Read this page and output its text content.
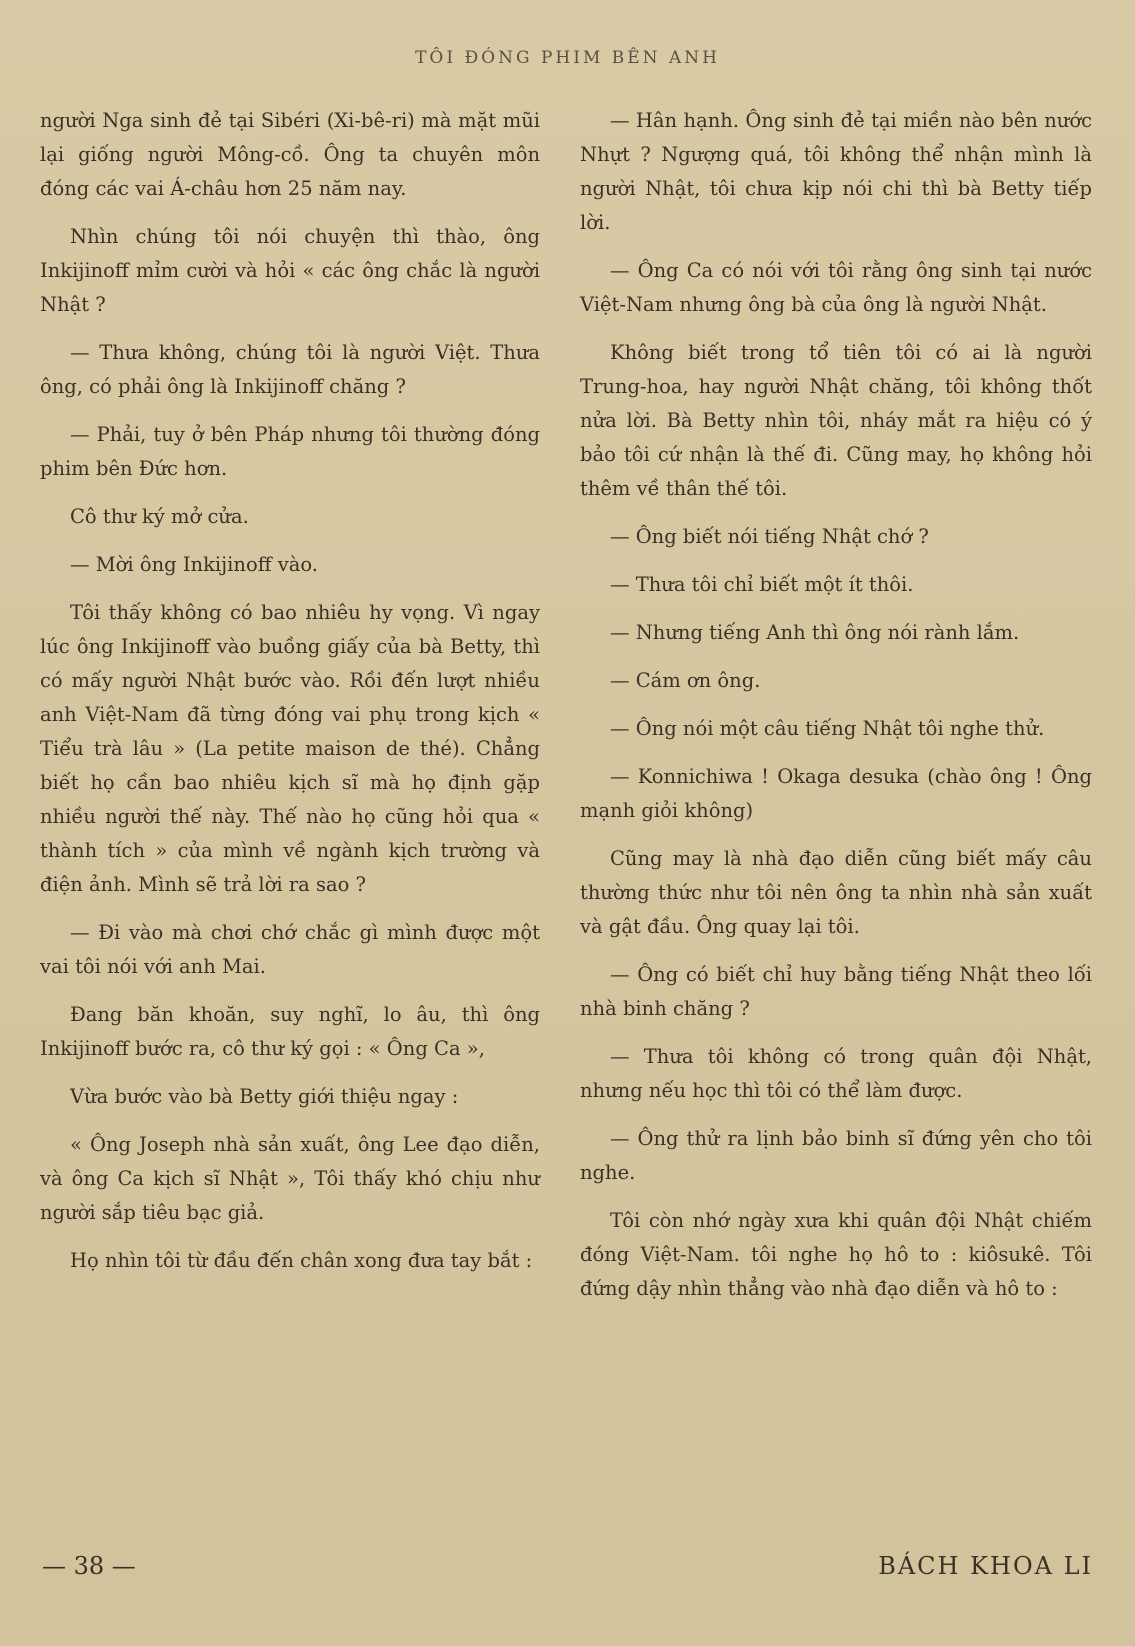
TÔI ĐÓNG PHIM BÊN ANH

người Nga sinh đẻ tại Sibéri (Xi-bê-ri) mà mặt mũi lại giống người Mông-cồ. Ông ta chuyên môn đóng các vai Á-châu hơn 25 năm nay.

Nhìn chúng tôi nói chuyện thì thào, ông Inkijinoff mỉm cười và hỏi « các ông chắc là người Nhật ?

— Thưa không, chúng tôi là người Việt. Thưa ông, có phải ông là Inkijinoff chăng ?

— Phải, tuy ở bên Pháp nhưng tôi thường đóng phim bên Đức hơn.

Cô thư ký mở cửa.

— Mời ông Inkijinoff vào.

Tôi thấy không có bao nhiêu hy vọng. Vì ngay lúc ông Inkijinoff vào buồng giấy của bà Betty, thì có mấy người Nhật bước vào. Rồi đến lượt nhiều anh Việt-Nam đã từng đóng vai phụ trong kịch « Tiểu trà lâu » (La petite maison de thé). Chẳng biết họ cần bao nhiêu kịch sĩ mà họ định gặp nhiều người thế này. Thế nào họ cũng hỏi qua « thành tích » của mình về ngành kịch trường và điện ảnh. Mình sẽ trả lời ra sao ?

— Đi vào mà chơi chớ chắc gì mình được một vai tôi nói với anh Mai.

Đang băn khoăn, suy nghĩ, lo âu, thì ông Inkijinoff bước ra, cô thư ký gọi : « Ông Ca »,

Vừa bước vào bà Betty giới thiệu ngay :

« Ông Joseph nhà sản xuất, ông Lee đạo diễn, và ông Ca kịch sĩ Nhật », Tôi thấy khó chịu như người sắp tiêu bạc giả.

Họ nhìn tôi từ đầu đến chân xong đưa tay bắt :

— Hân hạnh. Ông sinh đẻ tại miền nào bên nước Nhựt ? Ngượng quá, tôi không thể nhận mình là người Nhật, tôi chưa kịp nói chi thì bà Betty tiếp lời.

— Ông Ca có nói với tôi rằng ông sinh tại nước Việt-Nam nhưng ông bà của ông là người Nhật.

Không biết trong tổ tiên tôi có ai là người Trung-hoa, hay người Nhật chăng, tôi không thốt nửa lời. Bà Betty nhìn tôi, nháy mắt ra hiệu có ý bảo tôi cứ nhận là thế đi. Cũng may, họ không hỏi thêm về thân thế tôi.

— Ông biết nói tiếng Nhật chớ ?

— Thưa tôi chỉ biết một ít thôi.

— Nhưng tiếng Anh thì ông nói rành lắm.

— Cám ơn ông.

— Ông nói một câu tiếng Nhật tôi nghe thử.

— Konnichiwa ! Okaga desuka (chào ông ! Ông mạnh giỏi không)

Cũng may là nhà đạo diễn cũng biết mấy câu thường thức như tôi nên ông ta nhìn nhà sản xuất và gật đầu. Ông quay lại tôi.

— Ông có biết chỉ huy bằng tiếng Nhật theo lối nhà binh chăng ?

— Thưa tôi không có trong quân đội Nhật, nhưng nếu học thì tôi có thể làm được.

— Ông thử ra lịnh bảo binh sĩ đứng yên cho tôi nghe.

Tôi còn nhớ ngày xưa khi quân đội Nhật chiếm đóng Việt-Nam. tôi nghe họ hô to : kiôsukê. Tôi đứng dậy nhìn thẳng vào nhà đạo diễn và hô to :

— 38 —	BÁCH KHOA LI
